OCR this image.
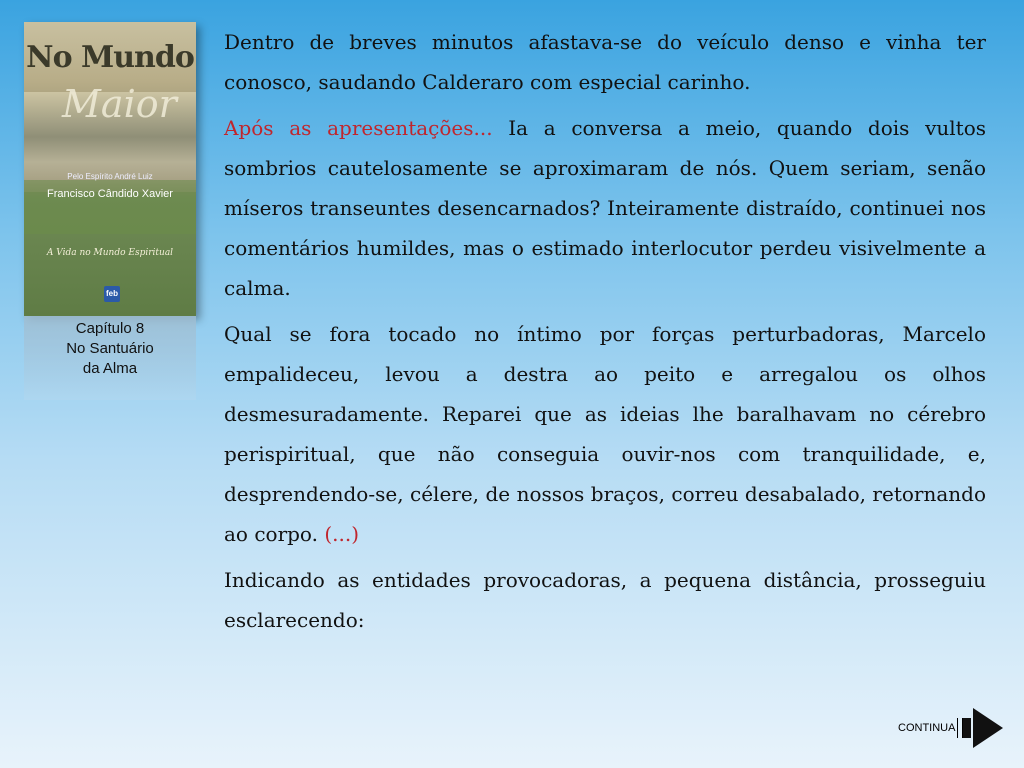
No Mundo
Maior
Pelo Espírito André Luiz
Francisco Cândido Xavier
A Vida no Mundo Espiritual
feb
Capítulo 8
No Santuário
da Alma

Dentro de breves minutos afastava-se do veículo denso e vinha ter conosco, saudando Calderaro com especial carinho.

Após as apresentações... Ia a conversa a meio, quando dois vultos sombrios cautelosamente se aproximaram de nós. Quem seriam, senão míseros transeuntes desencarnados? Inteiramente distraído, continuei nos comentários humildes, mas o estimado interlocutor perdeu visivelmente a calma.

Qual se fora tocado no íntimo por forças perturbadoras, Marcelo empalideceu, levou a destra ao peito e arregalou os olhos desmesuradamente. Reparei que as ideias lhe baralhavam no cérebro perispiritual, que não conseguia ouvir-nos com tranquilidade, e, desprendendo-se, célere, de nossos braços, correu desabalado, retornando ao corpo. (...)

Indicando as entidades provocadoras, a pequena distância, prosseguiu esclarecendo:

CONTINUA
